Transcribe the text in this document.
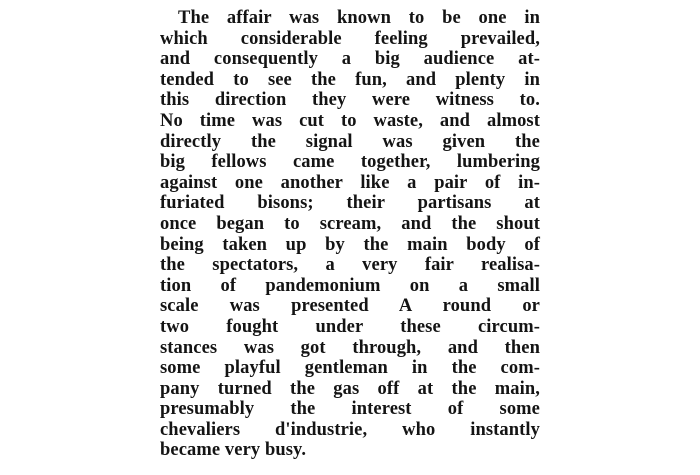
The affair was known to be one in
which considerable feeling prevailed,
and consequently a big audience at-
tended to see the fun, and plenty in
this direction they were witness to.
No time was cut to waste, and almost
directly the signal was given the
big fellows came together, lumbering
against one another like a pair of in-
furiated bisons; their partisans at
once began to scream, and the shout
being taken up by the main body of
the spectators, a very fair realisa-
tion of pandemonium on a small
scale was presented A round or
two fought under these circum-
stances was got through, and then
some playful gentleman in the com-
pany turned the gas off at the main,
presumably the interest of some
chevaliers d'industrie, who instantly
became very busy.
